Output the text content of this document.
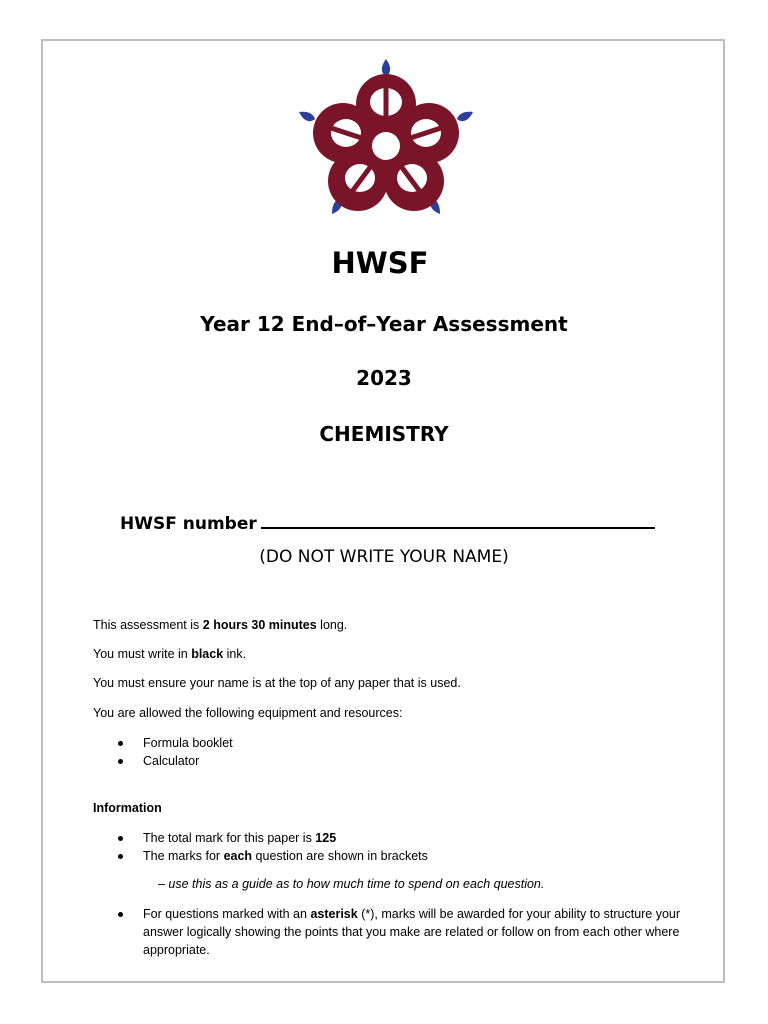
HWSF
Year 12 End–of–Year Assessment
2023
CHEMISTRY
HWSF number
(DO NOT WRITE YOUR NAME)
This assessment is 2 hours 30 minutes long.
You must write in black ink.
You must ensure your name is at the top of any paper that is used.
You are allowed the following equipment and resources:
Formula booklet
Calculator
Information
The total mark for this paper is 125
The marks for each question are shown in brackets
– use this as a guide as to how much time to spend on each question.
For questions marked with an asterisk (*), marks will be awarded for your ability to structure your answer logically showing the points that you make are related or follow on from each other where appropriate.
